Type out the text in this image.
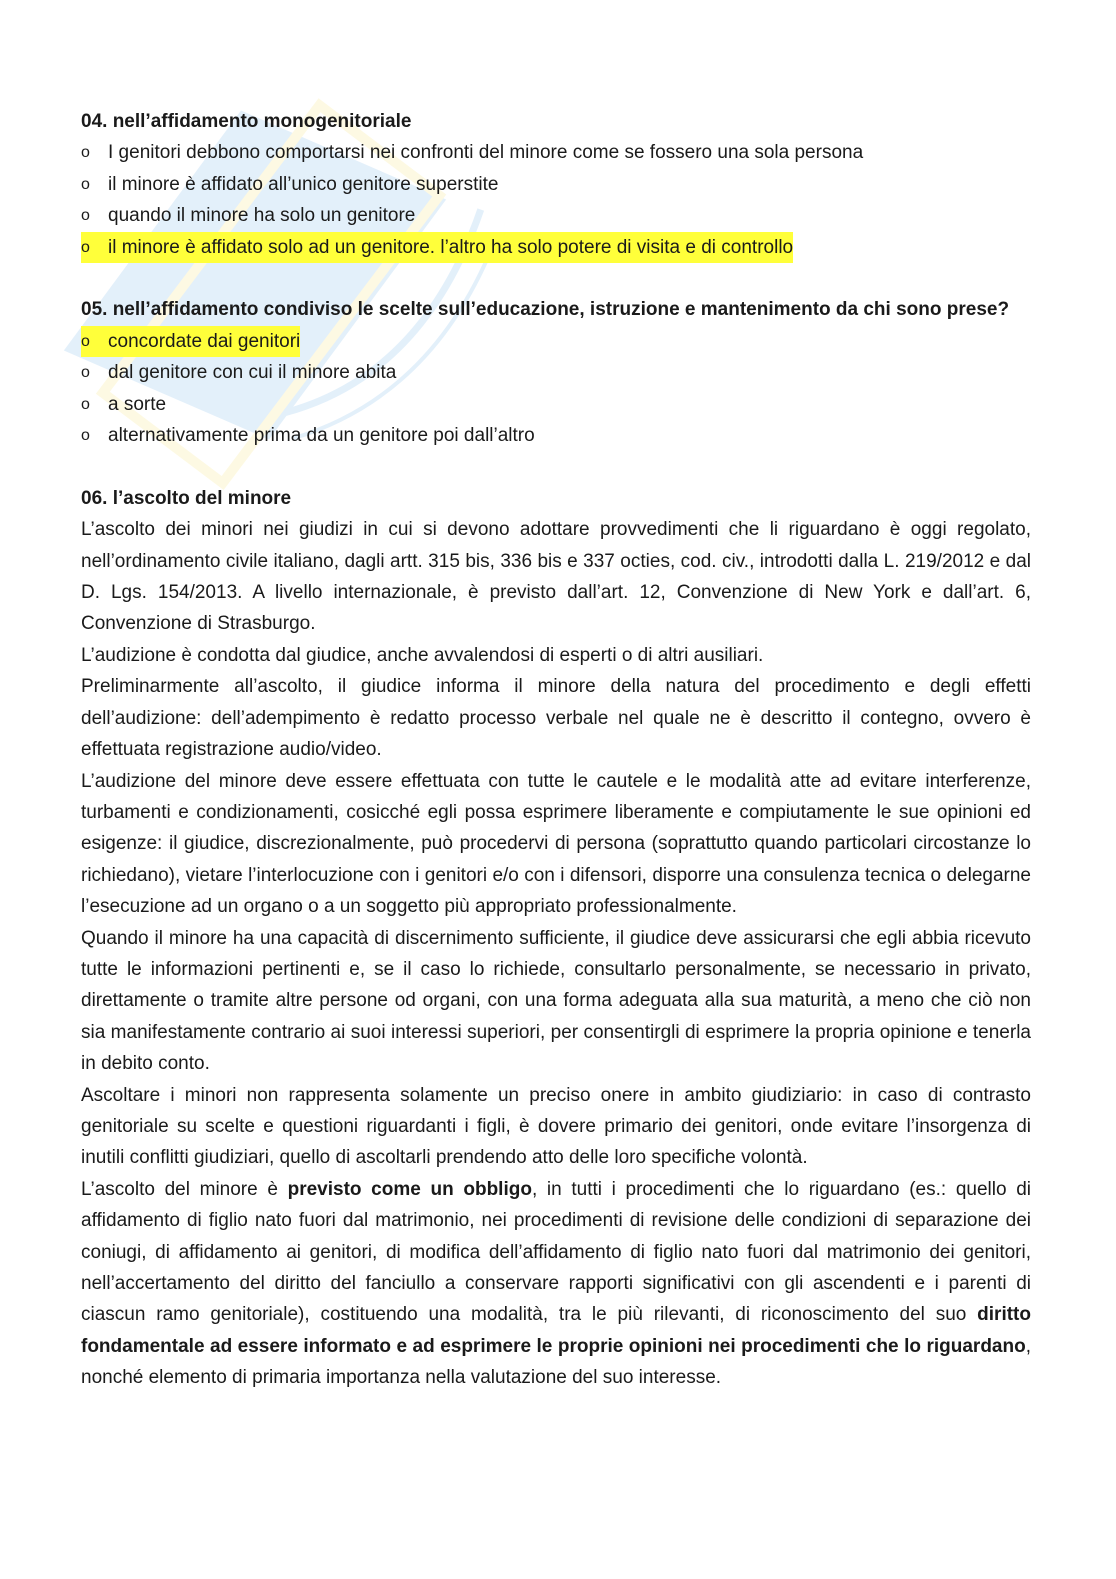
04. nell’affidamento monogenitoriale
o I genitori debbono comportarsi nei confronti del minore come se fossero una sola persona
o il minore è affidato all’unico genitore superstite
o quando il minore ha solo un genitore
o il minore è affidato solo ad un genitore. l’altro ha solo potere di visita e di controllo
05. nell’affidamento condiviso le scelte sull’educazione, istruzione e mantenimento da chi sono prese?
o concordate dai genitori
o dal genitore con cui il minore abita
o a sorte
o alternativamente prima da un genitore poi dall’altro
06. l’ascolto del minore

L’ascolto dei minori nei giudizi in cui si devono adottare provvedimenti che li riguardano è oggi regolato, nell’ordinamento civile italiano, dagli artt. 315 bis, 336 bis e 337 octies, cod. civ., introdotti dalla L. 219/2012 e dal D. Lgs. 154/2013. A livello internazionale, è previsto dall’art. 12, Convenzione di New York e dall’art. 6, Convenzione di Strasburgo.

L’audizione è condotta dal giudice, anche avvalendosi di esperti o di altri ausiliari.

Preliminarmente all’ascolto, il giudice informa il minore della natura del procedimento e degli effetti dell’audizione: dell’adempimento è redatto processo verbale nel quale ne è descritto il contegno, ovvero è effettuata registrazione audio/video.

L’audizione del minore deve essere effettuata con tutte le cautele e le modalità atte ad evitare interferenze, turbamenti e condizionamenti, cosicché egli possa esprimere liberamente e compiutamente le sue opinioni ed esigenze: il giudice, discrezionalmente, può procedervi di persona (soprattutto quando particolari circostanze lo richiedano), vietare l’interlocuzione con i genitori e/o con i difensori, disporre una consulenza tecnica o delegarne l’esecuzione ad un organo o a un soggetto più appropriato professionalmente.

Quando il minore ha una capacità di discernimento sufficiente, il giudice deve assicurarsi che egli abbia ricevuto tutte le informazioni pertinenti e, se il caso lo richiede, consultarlo personalmente, se necessario in privato, direttamente o tramite altre persone od organi, con una forma adeguata alla sua maturità, a meno che ciò non sia manifestamente contrario ai suoi interessi superiori, per consentirgli di esprimere la propria opinione e tenerla in debito conto.

Ascoltare i minori non rappresenta solamente un preciso onere in ambito giudiziario: in caso di contrasto genitoriale su scelte e questioni riguardanti i figli, è dovere primario dei genitori, onde evitare l’insorgenza di inutili conflitti giudiziari, quello di ascoltarli prendendo atto delle loro specifiche volontà.

L’ascolto del minore è previsto come un obbligo, in tutti i procedimenti che lo riguardano (es.: quello di affidamento di figlio nato fuori dal matrimonio, nei procedimenti di revisione delle condizioni di separazione dei coniugi, di affidamento ai genitori, di modifica dell’affidamento di figlio nato fuori dal matrimonio dei genitori, nell’accertamento del diritto del fanciullo a conservare rapporti significativi con gli ascendenti e i parenti di ciascun ramo genitoriale), costituendo una modalità, tra le più rilevanti, di riconoscimento del suo diritto fondamentale ad essere informato e ad esprimere le proprie opinioni nei procedimenti che lo riguardano, nonché elemento di primaria importanza nella valutazione del suo interesse.
